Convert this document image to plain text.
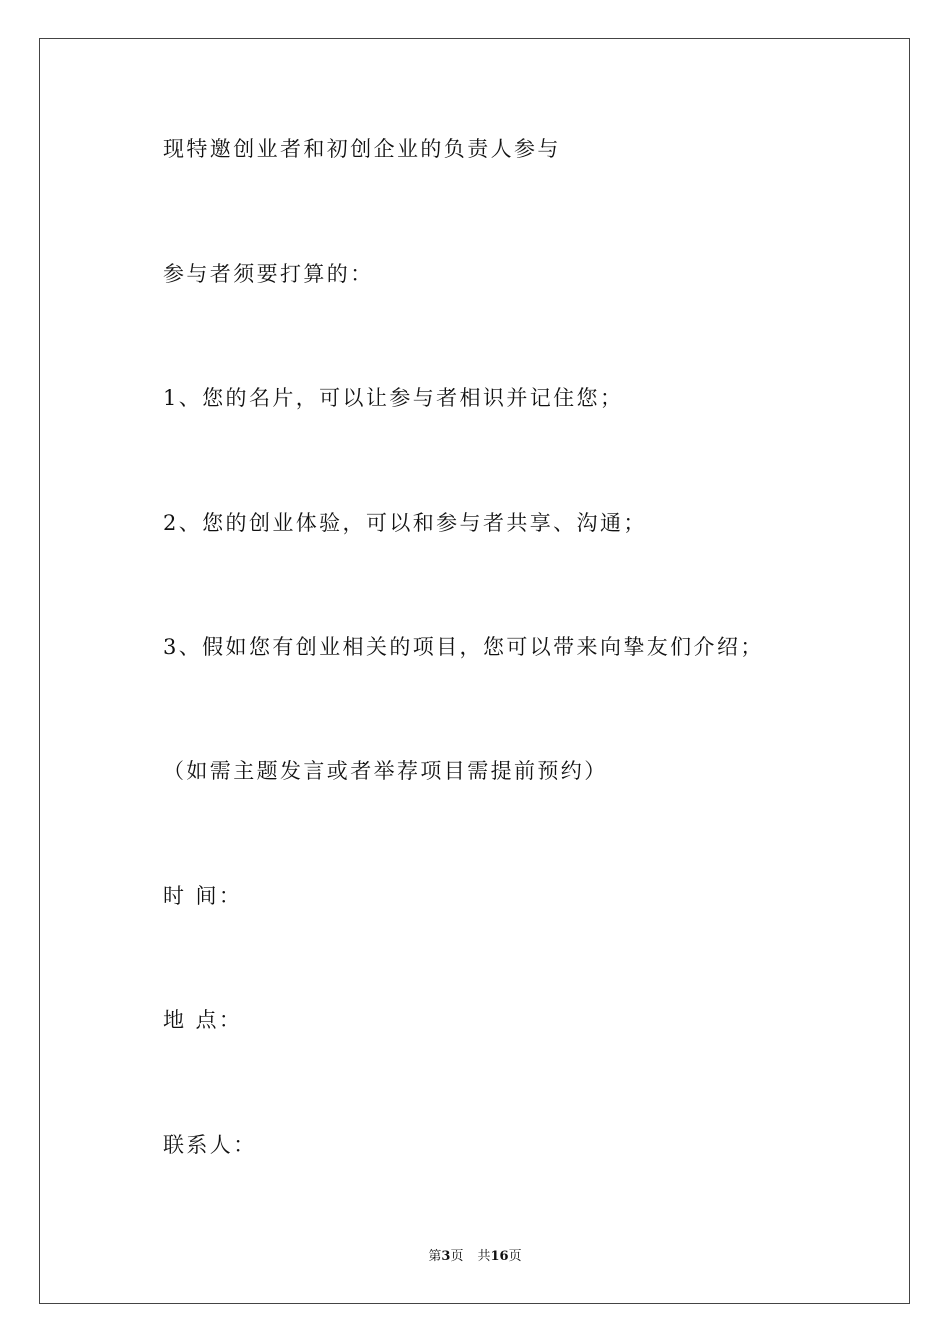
现特邀创业者和初创企业的负责人参与
参与者须要打算的：
1、您的名片，可以让参与者相识并记住您；
2、您的创业体验，可以和参与者共享、沟通；
3、假如您有创业相关的项目，您可以带来向挚友们介绍；
（如需主题发言或者举荐项目需提前预约）
时 间：
地 点：
联系人：
第3页 共16页
